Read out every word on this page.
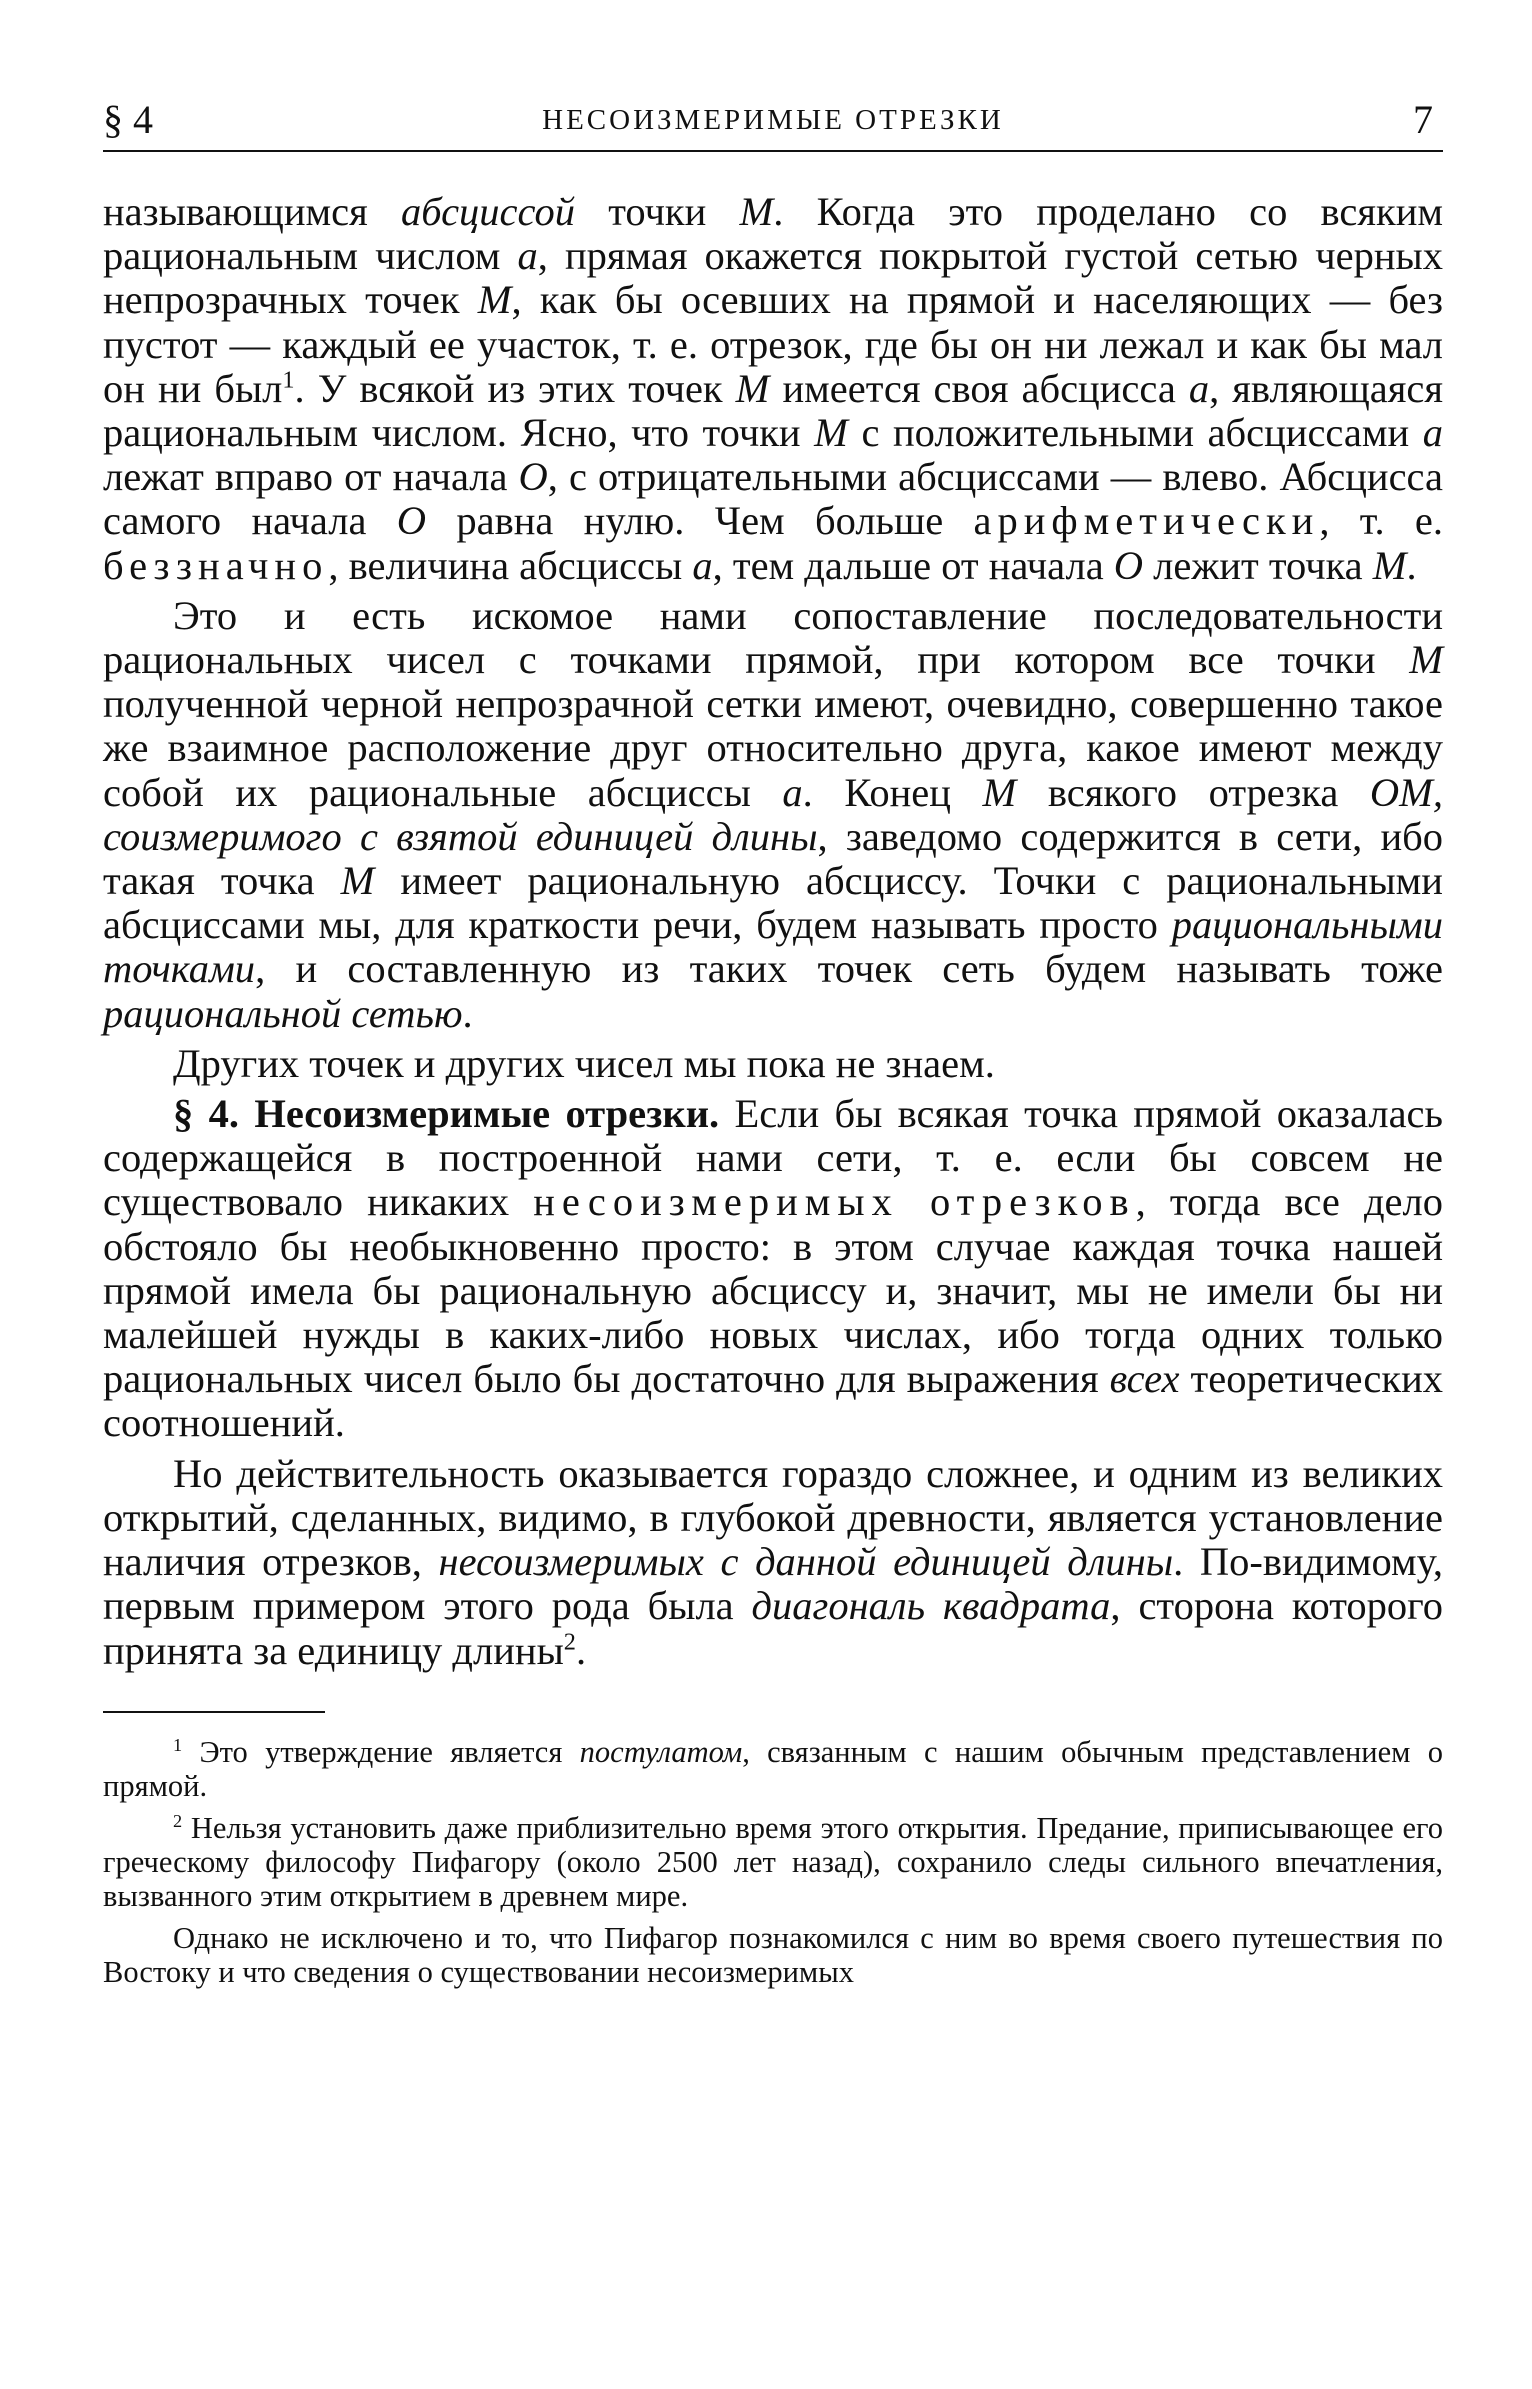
§ 4	НЕСОИЗМЕРИМЫЕ ОТРЕЗКИ	7

называющимся абсциссой точки М. Когда это проделано со всяким рациональным числом а, прямая окажется покрытой густой сетью черных непрозрачных точек М, как бы осевших на прямой и населяющих — без пустот — каждый ее участок, т. е. отрезок, где бы он ни лежал и как бы мал он ни был$^1$. У всякой из этих точек М имеется своя абсцисса а, являющаяся рациональным числом. Ясно, что точки М с положительными абсциссами а лежат вправо от начала О, с отрицательными абсциссами — влево. Абсцисса самого начала О равна нулю. Чем больше арифметически, т. е. беззначно, величина абсциссы а, тем дальше от начала О лежит точка М.

Это и есть искомое нами сопоставление последовательности рациональных чисел с точками прямой, при котором все точки М полученной черной непрозрачной сетки имеют, очевидно, совершенно такое же взаимное расположение друг относительно друга, какое имеют между собой их рациональные абсциссы а. Конец М всякого отрезка ОМ, соизмеримого с взятой единицей длины, заведомо содержится в сети, ибо такая точка М имеет рациональную абсциссу. Точки с рациональными абсциссами мы, для краткости речи, будем называть просто рациональными точками, и составленную из таких точек сеть будем называть тоже рациональной сетью.

Других точек и других чисел мы пока не знаем.

§ 4. Несоизмеримые отрезки. Если бы всякая точка прямой оказалась содержащейся в построенной нами сети, т. е. если бы совсем не существовало никаких несоизмеримых отрезков, тогда все дело обстояло бы необыкновенно просто: в этом случае каждая точка нашей прямой имела бы рациональную абсциссу и, значит, мы не имели бы ни малейшей нужды в каких-либо новых числах, ибо тогда одних только рациональных чисел было бы достаточно для выражения всех теоретических соотношений.

Но действительность оказывается гораздо сложнее, и одним из великих открытий, сделанных, видимо, в глубокой древности, является установление наличия отрезков, несоизмеримых с данной единицей длины. По-видимому, первым примером этого рода была диагональ квадрата, сторона которого принята за единицу длины$^2$.

$^1$ Это утверждение является постулатом, связанным с нашим обычным представлением о прямой.

$^2$ Нельзя установить даже приблизительно время этого открытия. Предание, приписывающее его греческому философу Пифагору (около 2500 лет назад), сохранило следы сильного впечатления, вызванного этим открытием в древнем мире.

Однако не исключено и то, что Пифагор познакомился с ним во время своего путешествия по Востоку и что сведения о существовании несоизмеримых
